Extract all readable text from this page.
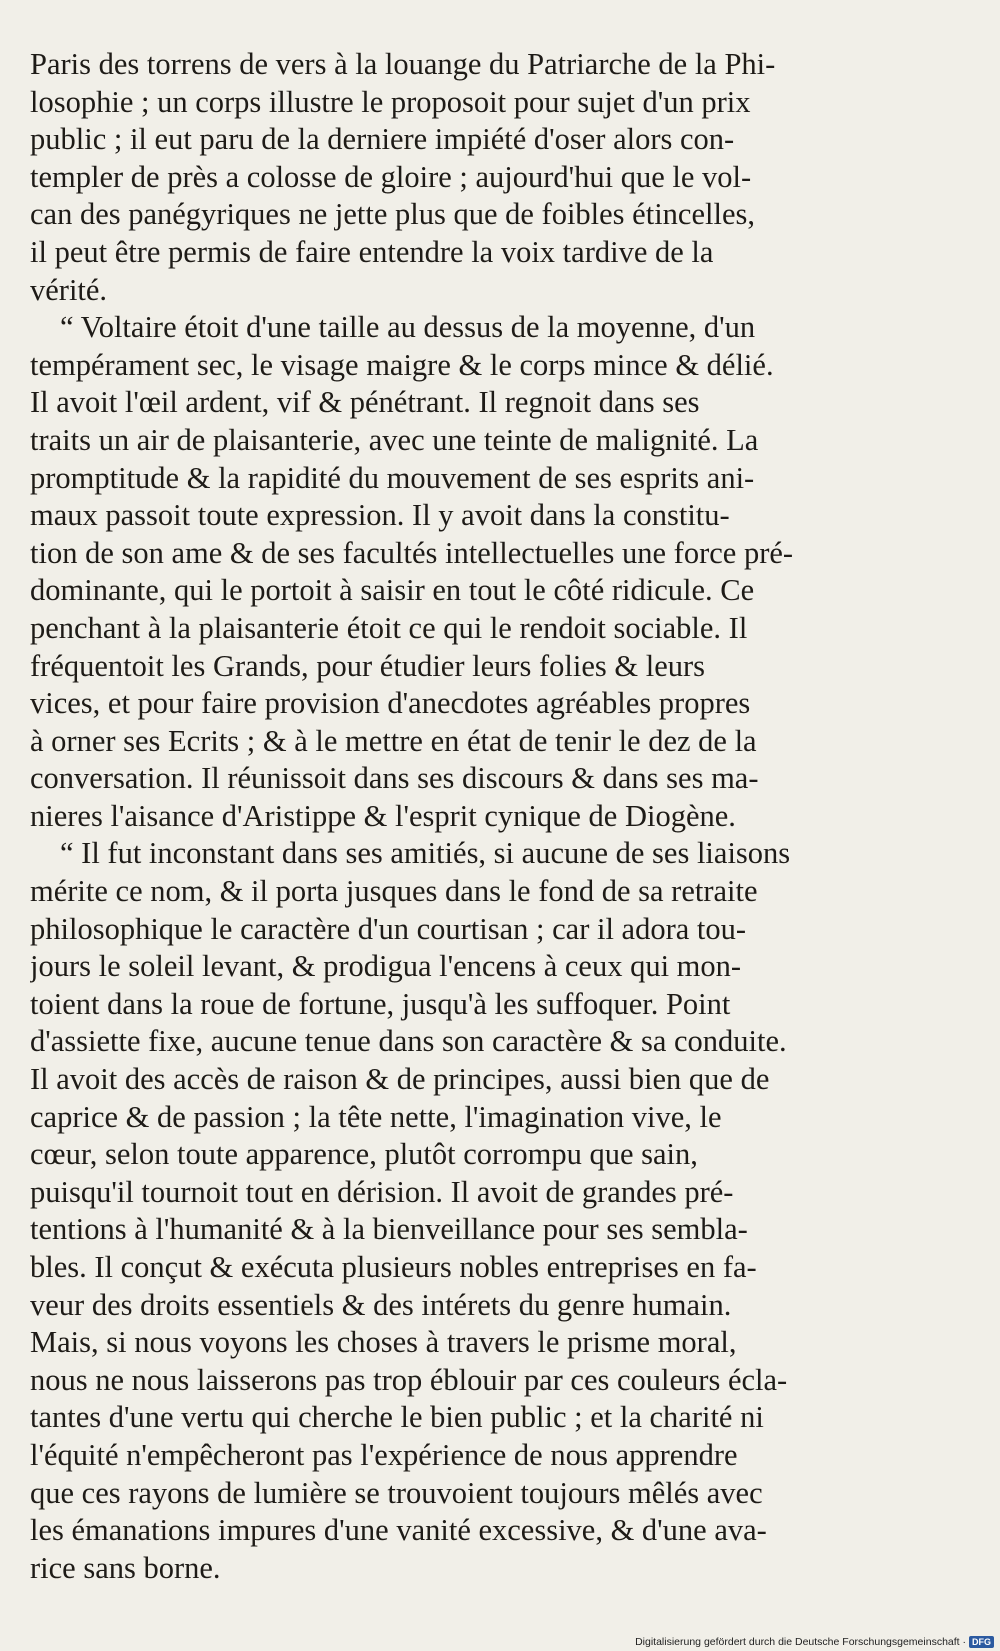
Paris des torrens de vers à la louange du Patriarche de la Phi-
losophie ; un corps illustre le proposoit pour sujet d'un prix
public ; il eut paru de la derniere impiété d'oser alors con-
templer de près a colosse de gloire ; aujourd'hui que le vol-
can des panégyriques ne jette plus que de foibles étincelles,
il peut être permis de faire entendre la voix tardive de la
vérité.

“ Voltaire étoit d'une taille au dessus de la moyenne, d'un
tempérament sec, le visage maigre & le corps mince & délié.
Il avoit l'œil ardent, vif & pénétrant. Il regnoit dans ses
traits un air de plaisanterie, avec une teinte de malignité. La
promptitude & la rapidité du mouvement de ses esprits ani-
maux passoit toute expression. Il y avoit dans la constitu-
tion de son ame & de ses facultés intellectuelles une force pré-
dominante, qui le portoit à saisir en tout le côté ridicule. Ce
penchant à la plaisanterie étoit ce qui le rendoit sociable. Il
fréquentoit les Grands, pour étudier leurs folies & leurs
vices, et pour faire provision d'anecdotes agréables propres
à orner ses Ecrits ; & à le mettre en état de tenir le dez de la
conversation. Il réunissoit dans ses discours & dans ses ma-
nieres l'aisance d'Aristippe & l'esprit cynique de Diogène.

“ Il fut inconstant dans ses amitiés, si aucune de ses liaisons
mérite ce nom, & il porta jusques dans le fond de sa retraite
philosophique le caractère d'un courtisan ; car il adora tou-
jours le soleil levant, & prodigua l'encens à ceux qui mon-
toient dans la roue de fortune, jusqu'à les suffoquer. Point
d'assiette fixe, aucune tenue dans son caractère & sa conduite.
Il avoit des accès de raison & de principes, aussi bien que de
caprice & de passion ; la tête nette, l'imagination vive, le
cœur, selon toute apparence, plutôt corrompu que sain,
puisqu'il tournoit tout en dérision. Il avoit de grandes pré-
tentions à l'humanité & à la bienveillance pour ses sembla-
bles. Il conçut & exécuta plusieurs nobles entreprises en fa-
veur des droits essentiels & des intérets du genre humain.
Mais, si nous voyons les choses à travers le prisme moral,
nous ne nous laisserons pas trop éblouir par ces couleurs écla-
tantes d'une vertu qui cherche le bien public ; et la charité ni
l'équité n'empêcheront pas l'expérience de nous apprendre
que ces rayons de lumière se trouvoient toujours mêlés avec
les émanations impures d'une vanité excessive, & d'une ava-
rice sans borne.

Digitalisierung gefördert durch die Deutsche Forschungsgemeinschaft · DFG
